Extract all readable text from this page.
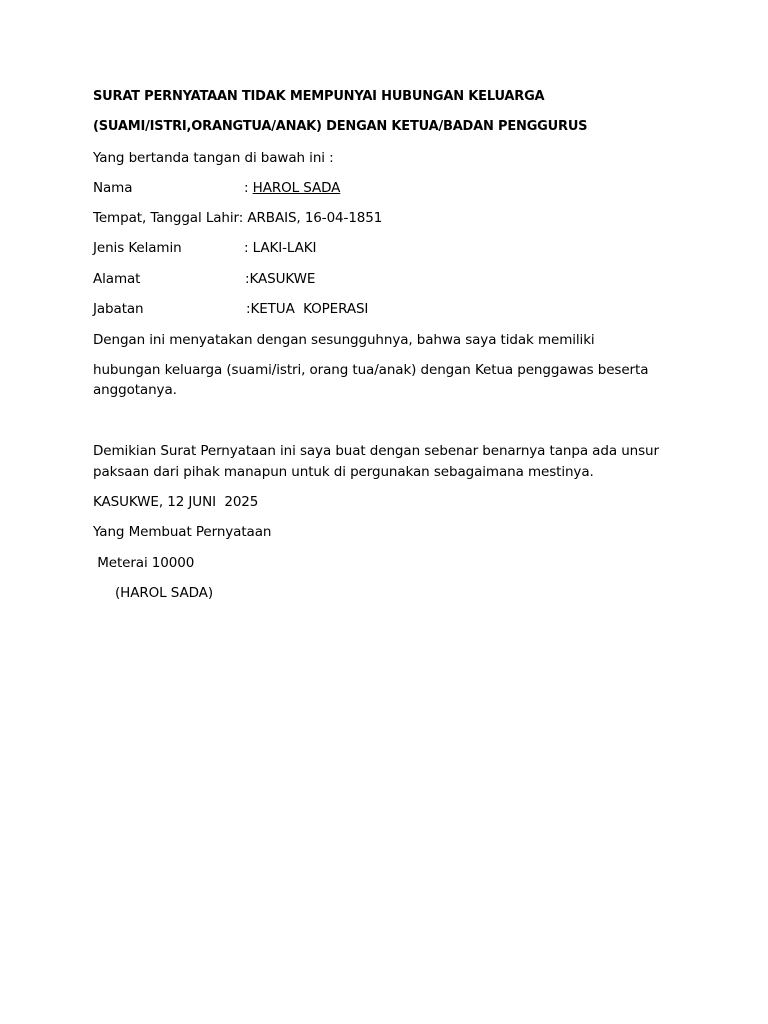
SURAT PERNYATAAN TIDAK MEMPUNYAI HUBUNGAN KELUARGA
(SUAMI/ISTRI,ORANGTUA/ANAK) DENGAN KETUA/BADAN PENGGURUS
Yang bertanda tangan di bawah ini :
Nama	: HAROL SADA
Tempat, Tanggal Lahir: ARBAIS, 16-04-1851
Jenis Kelamin	: LAKI-LAKI
Alamat	:KASUKWE
Jabatan	:KETUA  KOPERASI
Dengan ini menyatakan dengan sesungguhnya, bahwa saya tidak memiliki
hubungan keluarga (suami/istri, orang tua/anak) dengan Ketua penggawas beserta
anggotanya.
Demikian Surat Pernyataan ini saya buat dengan sebenar benarnya tanpa ada unsur
paksaan dari pihak manapun untuk di pergunakan sebagaimana mestinya.
KASUKWE, 12 JUNI  2025
Yang Membuat Pernyataan
Meterai 10000
(HAROL SADA)
